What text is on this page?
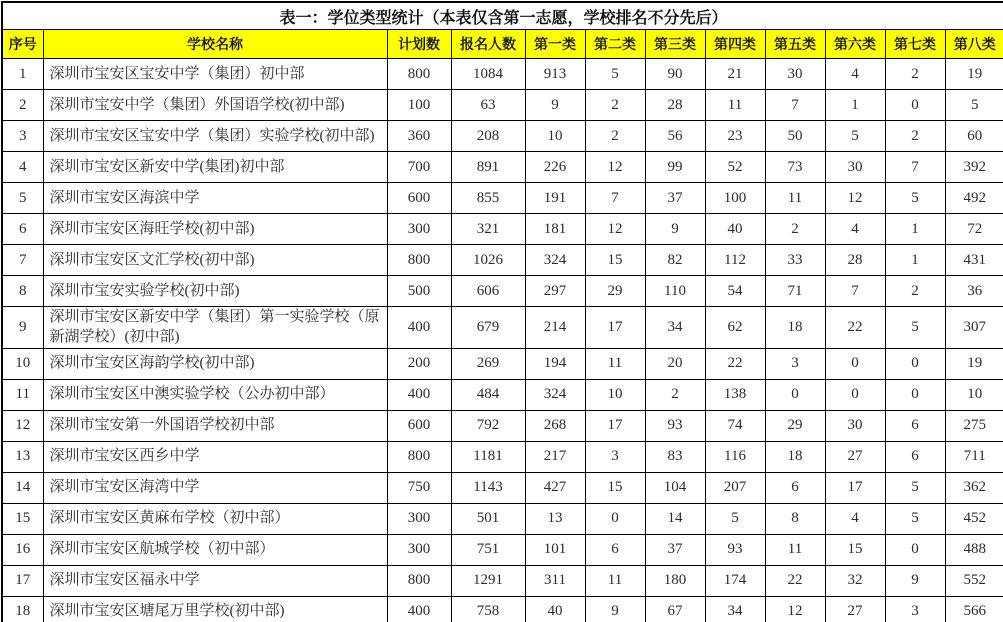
表一：学位类型统计（本表仅含第一志愿，学校排名不分先后）											
序号	学校名称	计划数	报名人数	第一类	第二类	第三类	第四类	第五类	第六类	第七类	第八类
1	深圳市宝安区宝安中学（集团）初中部	800	1084	913	5	90	21	30	4	2	19
2	深圳市宝安中学（集团）外国语学校(初中部)	100	63	9	2	28	11	7	1	0	5
3	深圳市宝安区宝安中学（集团）实验学校(初中部)	360	208	10	2	56	23	50	5	2	60
4	深圳市宝安区新安中学(集团)初中部	700	891	226	12	99	52	73	30	7	392
5	深圳市宝安区海滨中学	600	855	191	7	37	100	11	12	5	492
6	深圳市宝安区海旺学校(初中部)	300	321	181	12	9	40	2	4	1	72
7	深圳市宝安区文汇学校(初中部)	800	1026	324	15	82	112	33	28	1	431
8	深圳市宝安实验学校(初中部)	500	606	297	29	110	54	71	7	2	36
9	深圳市宝安区新安中学（集团）第一实验学校（原新湖学校）(初中部)	400	679	214	17	34	62	18	22	5	307
10	深圳市宝安区海韵学校(初中部)	200	269	194	11	20	22	3	0	0	19
11	深圳市宝安区中澳实验学校（公办初中部）	400	484	324	10	2	138	0	0	0	10
12	深圳市宝安第一外国语学校初中部	600	792	268	17	93	74	29	30	6	275
13	深圳市宝安区西乡中学	800	1181	217	3	83	116	18	27	6	711
14	深圳市宝安区海湾中学	750	1143	427	15	104	207	6	17	5	362
15	深圳市宝安区黄麻布学校（初中部）	300	501	13	0	14	5	8	4	5	452
16	深圳市宝安区航城学校（初中部）	300	751	101	6	37	93	11	15	0	488
17	深圳市宝安区福永中学	800	1291	311	11	180	174	22	32	9	552
18	深圳市宝安区塘尾万里学校(初中部)	400	758	40	9	67	34	12	27	3	566
